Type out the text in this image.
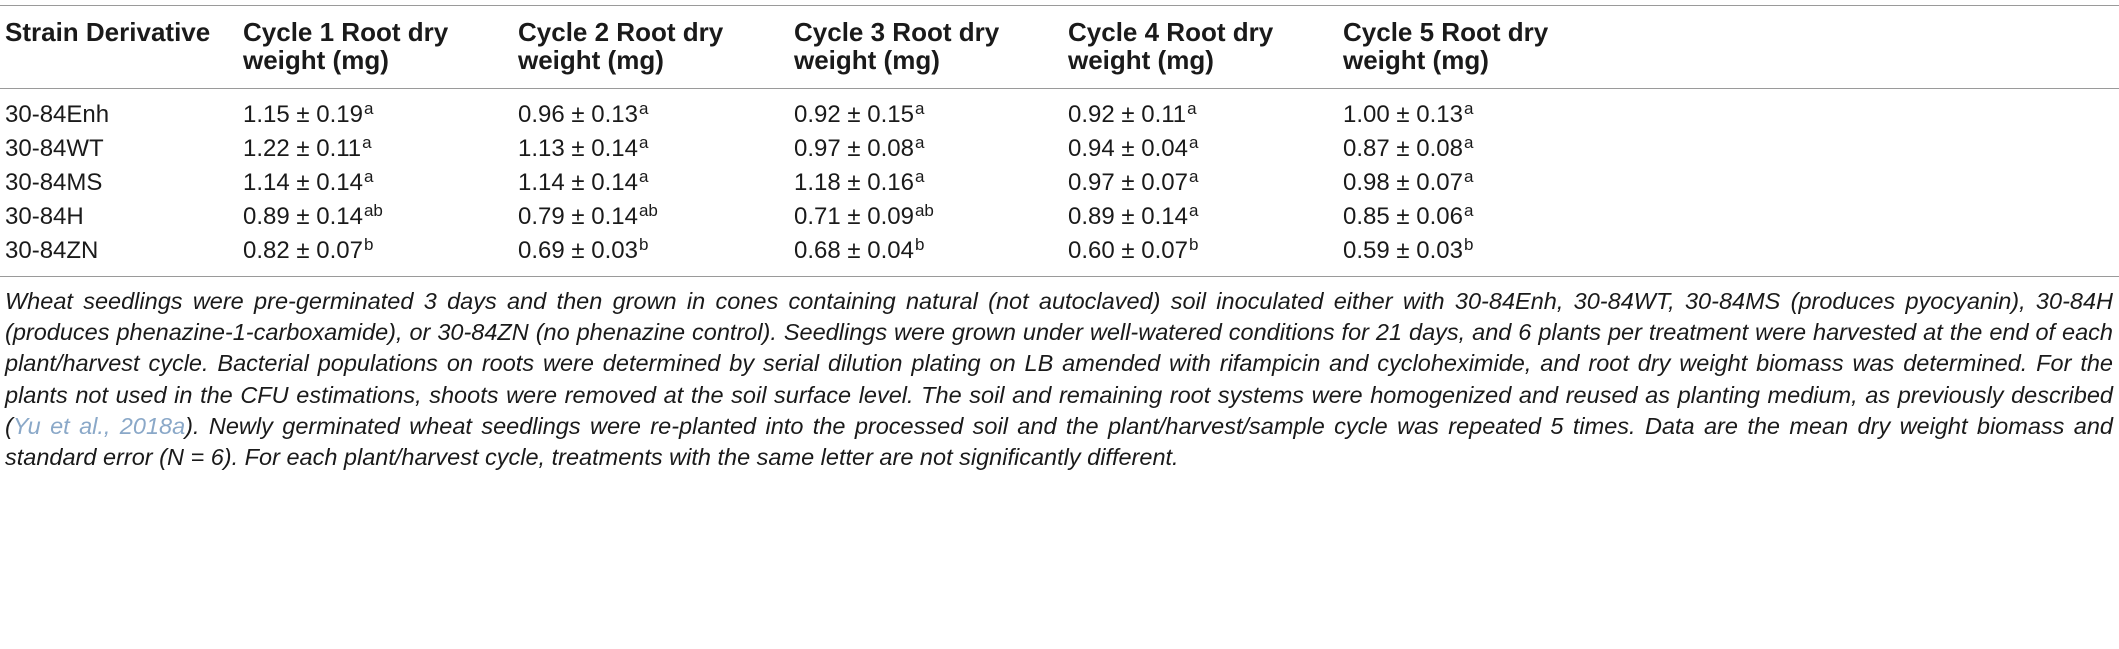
Strain Derivative	Cycle 1 Root dry weight (mg)	Cycle 2 Root dry weight (mg)	Cycle 3 Root dry weight (mg)	Cycle 4 Root dry weight (mg)	Cycle 5 Root dry weight (mg)
30-84Enh	1.15 ± 0.19$^a$	0.96 ± 0.13$^a$	0.92 ± 0.15$^a$	0.92 ± 0.11$^a$	1.00 ± 0.13$^a$
30-84WT	1.22 ± 0.11$^a$	1.13 ± 0.14$^a$	0.97 ± 0.08$^a$	0.94 ± 0.04$^a$	0.87 ± 0.08$^a$
30-84MS	1.14 ± 0.14$^a$	1.14 ± 0.14$^a$	1.18 ± 0.16$^a$	0.97 ± 0.07$^a$	0.98 ± 0.07$^a$
30-84H	0.89 ± 0.14$^{ab}$	0.79 ± 0.14$^{ab}$	0.71 ± 0.09$^{ab}$	0.89 ± 0.14$^a$	0.85 ± 0.06$^a$
30-84ZN	0.82 ± 0.07$^b$	0.69 ± 0.03$^b$	0.68 ± 0.04$^b$	0.60 ± 0.07$^b$	0.59 ± 0.03$^b$
Wheat seedlings were pre-germinated 3 days and then grown in cones containing natural (not autoclaved) soil inoculated either with 30-84Enh, 30-84WT, 30-84MS (produces pyocyanin), 30-84H (produces phenazine-1-carboxamide), or 30-84ZN (no phenazine control). Seedlings were grown under well-watered conditions for 21 days, and 6 plants per treatment were harvested at the end of each plant/harvest cycle. Bacterial populations on roots were determined by serial dilution plating on LB amended with rifampicin and cycloheximide, and root dry weight biomass was determined. For the plants not used in the CFU estimations, shoots were removed at the soil surface level. The soil and remaining root systems were homogenized and reused as planting medium, as previously described (Yu et al., 2018a). Newly germinated wheat seedlings were re-planted into the processed soil and the plant/harvest/sample cycle was repeated 5 times. Data are the mean dry weight biomass and standard error (N = 6). For each plant/harvest cycle, treatments with the same letter are not significantly different.
